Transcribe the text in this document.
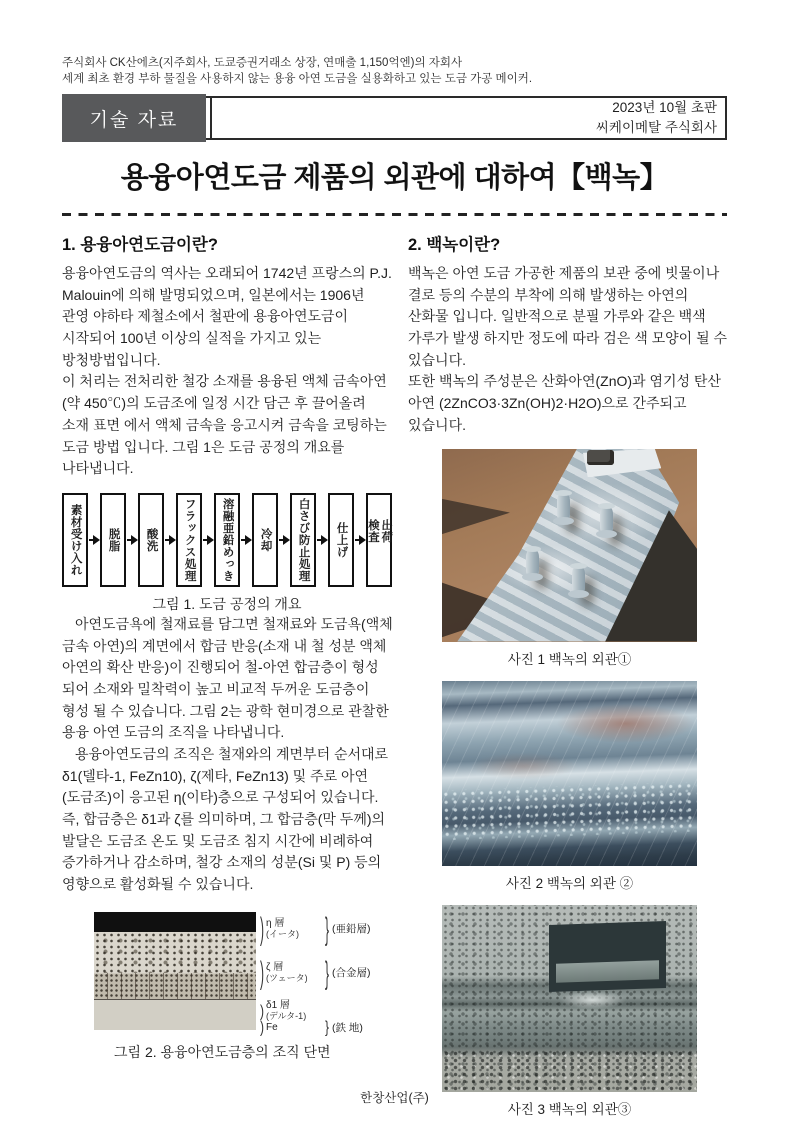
주식회사 CK산에츠(지주회사, 도쿄증권거래소 상장, 연매출 1,150억엔)의 자회사
세계 최초 환경 부하 물질을 사용하지 않는 용융 아연 도금을 실용화하고 있는 도금 가공 메이커.
기술 자료
2023년 10월 초판
씨케이메탈 주식회사
용융아연도금 제품의 외관에 대하여【백녹】
1. 용융아연도금이란?

용융아연도금의 역사는 오래되어 1742년 프랑스의 P.J. Malouin에 의해 발명되었으며, 일본에서는 1906년 관영 야하타 제철소에서 철판에 용융아연도금이 시작되어 100년 이상의 실적을 가지고 있는 방청방법입니다.

이 처리는 전처리한 철강 소재를 용융된 액체 금속아연 (약 450℃)의 도금조에 일정 시간 담근 후 끌어올려 소재 표면 에서 액체 금속을 응고시켜 금속을 코팅하는 도금 방법 입니다. 그림 1은 도금 공정의 개요를 나타냅니다.

素材受け入れ 脱脂 酸洗 フラックス処理 溶融亜鉛めっき 冷却 白さび防止処理 仕上げ 検査 出荷
그림 1. 도금 공정의 개요

아연도금욕에 철재료를 담그면 철재료와 도금욕(액체 금속 아연)의 계면에서 합금 반응(소재 내 철 성분 액체 아연의 확산 반응)이 진행되어 철-아연 합금층이 형성 되어 소재와 밀착력이 높고 비교적 두꺼운 도금층이 형성 될 수 있습니다. 그림 2는 광학 현미경으로 관찰한 용융 아연 도금의 조직을 나타냅니다.

용융아연도금의 조직은 철재와의 계면부터 순서대로 δ1(델타-1, FeZn10), ζ(제타, FeZn13) 및 주로 아연 (도금조)이 응고된 η(이타)층으로 구성되어 있습니다. 즉, 합금층은 δ1과 ζ를 의미하며, 그 합금층(막 두께)의 발달은 도금조 온도 및 도금조 침지 시간에 비례하여 증가하거나 감소하며, 철강 소재의 성분(Si 및 P) 등의 영향으로 활성화될 수 있습니다.

) η 層
(イータ)	} (亜鉛層)
) ζ 層
(ツェータ)	} (合金層)
) δ1 層
(デルタ-1)
) Fe	} (鉄 地)
그림 2. 용융아연도금층의 조직 단면
2. 백녹이란?

백녹은 아연 도금 가공한 제품의 보관 중에 빗물이나 결로 등의 수분의 부착에 의해 발생하는 아연의 산화물 입니다. 일반적으로 분필 가루와 같은 백색 가루가 발생 하지만 정도에 따라 검은 색 모양이 될 수 있습니다.

또한 백녹의 주성분은 산화아연(ZnO)과 염기성 탄산 아연 (2ZnCO3·3Zn(OH)2·H2O)으로 간주되고 있습니다.

사진 1 백녹의 외관①
사진 2 백녹의 외관 ②
사진 3 백녹의 외관③
한창산업(주)
